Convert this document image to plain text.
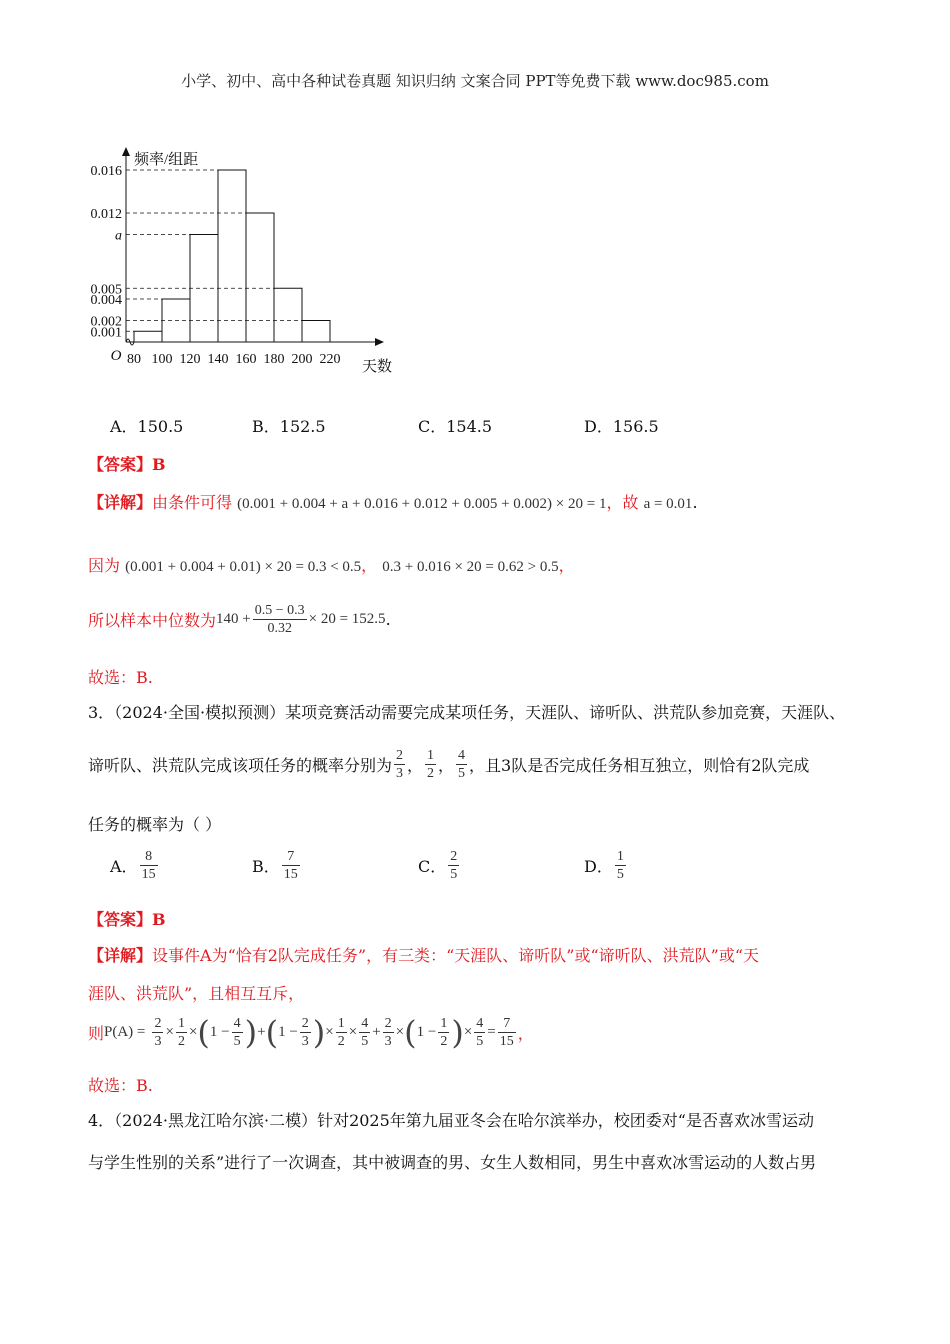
小学、初中、高中各种试卷真题 知识归纳 文案合同 PPT等免费下载 www.doc985.com
0.016
0.012
a
0.005
0.004
0.002
0.001
80 100 120 140 160 180 200 220
O
频率/组距
天数
A．150.5	B．152.5	C．154.5	D．156.5
【答案】B
【详解】由条件可得 (0.001 + 0.004 + a + 0.016 + 0.012 + 0.005 + 0.002) × 20 = 1，故 a = 0.01.
因为 (0.001 + 0.004 + 0.01) × 20 = 0.3 < 0.5， 0.3 + 0.016 × 20 = 0.62 > 0.5，
所以样本中位数为$140 + \frac{0.5 - 0.3}{0.32} \times 20 = 152.5$.
故选：B.
3．（2024·全国·模拟预测）某项竞赛活动需要完成某项任务，天涯队、谛听队、洪荒队参加竞赛，天涯队、
谛听队、洪荒队完成该项任务的概率分别为 $\frac{2}{3}$ ， $\frac{1}{2}$ ， $\frac{4}{5}$ ，且3队是否完成任务相互独立，则恰有2队完成
任务的概率为（ ）
A． $\frac{8}{15}$	B． $\frac{7}{15}$	C． $\frac{2}{5}$	D． $\frac{1}{5}$
【答案】B
【详解】设事件A为“恰有2队完成任务”，有三类：“天涯队、谛听队”或“谛听队、洪荒队”或“天
涯队、洪荒队”，且相互互斥，
则$P(A) = \frac{2}{3} \times \frac{1}{2} \times(1 - \frac{4}{5} )+(1 - \frac{2}{3}$ )× $\frac{1}{2} \times \frac{4}{5} + \frac{2}{3} \times(1 - \frac{1}{2}$ )× $\frac{4}{5} = \frac{7}{15}$ ，
故选：B.
4．（2024·黑龙江哈尔滨·二模）针对2025年第九届亚冬会在哈尔滨举办，校团委对“是否喜欢冰雪运动
与学生性别的关系”进行了一次调查，其中被调查的男、女生人数相同，男生中喜欢冰雪运动的人数占男
